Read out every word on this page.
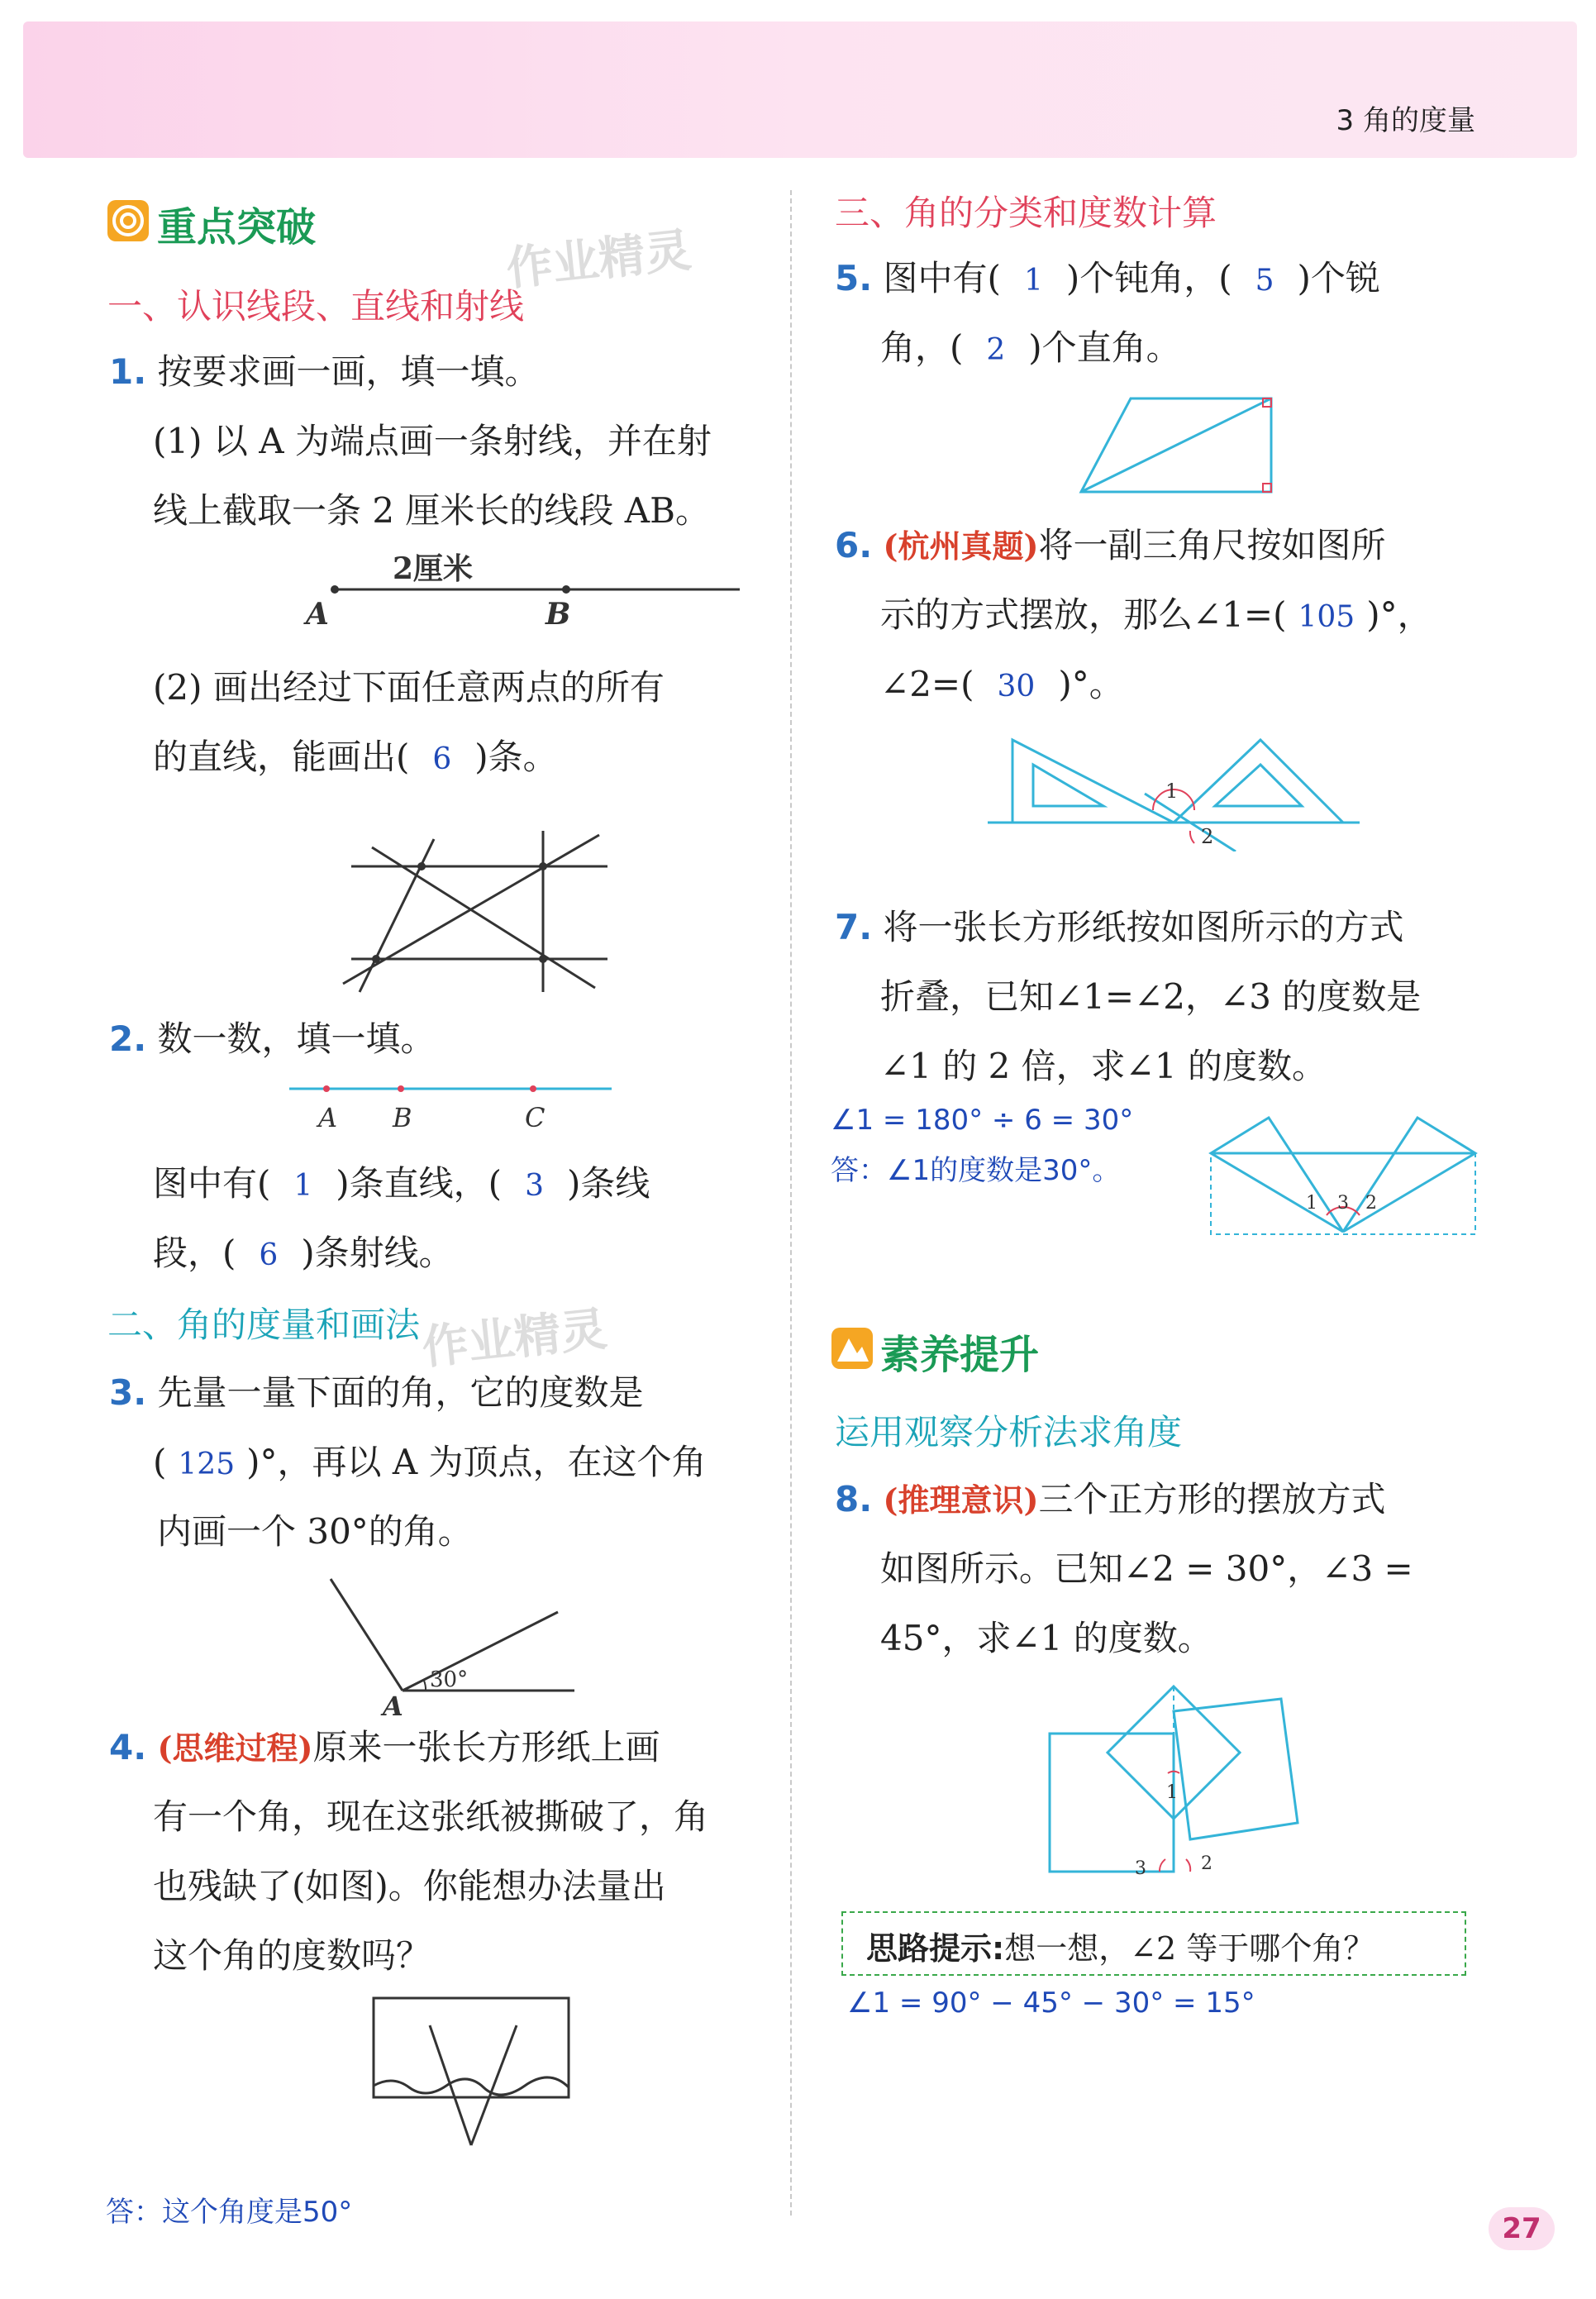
3 角的度量
作业精灵
作业精灵
重点突破
一、认识线段、直线和射线
1. 按要求画一画，填一填。
(1) 以 A 为端点画一条射线，并在射
线上截取一条 2 厘米长的线段 AB。
2厘米
A	B
(2) 画出经过下面任意两点的所有
的直线，能画出( 6 )条。
2. 数一数，填一填。
A B	C
图中有( 1 )条直线，( 3 )条线
段，( 6 )条射线。
二、角的度量和画法
3. 先量一量下面的角，它的度数是
( 125 )°，再以 A 为顶点，在这个角
内画一个 30°的角。
30°
A
4. (思维过程)原来一张长方形纸上画
有一个角，现在这张纸被撕破了，角
也残缺了(如图)。你能想办法量出
这个角的度数吗？
答：这个角度是50°
三、角的分类和度数计算
5. 图中有( 1 )个钝角，( 5 )个锐
角，( 2 )个直角。
6. (杭州真题)将一副三角尺按如图所
示的方式摆放，那么∠1=( 105 )°，
∠2=( 30 )°。
1
2
7. 将一张长方形纸按如图所示的方式
折叠，已知∠1=∠2，∠3 的度数是
∠1 的 2 倍，求∠1 的度数。
∠1 = 180° ÷ 6 = 30°
答：∠1的度数是30°。
1 3 2
素养提升
运用观察分析法求角度
8. (推理意识)三个正方形的摆放方式
如图所示。已知∠2 = 30°，∠3 =
45°，求∠1 的度数。
1
2
3
思路提示:想一想，∠2 等于哪个角？
∠1 = 90° − 45° − 30° = 15°
27
